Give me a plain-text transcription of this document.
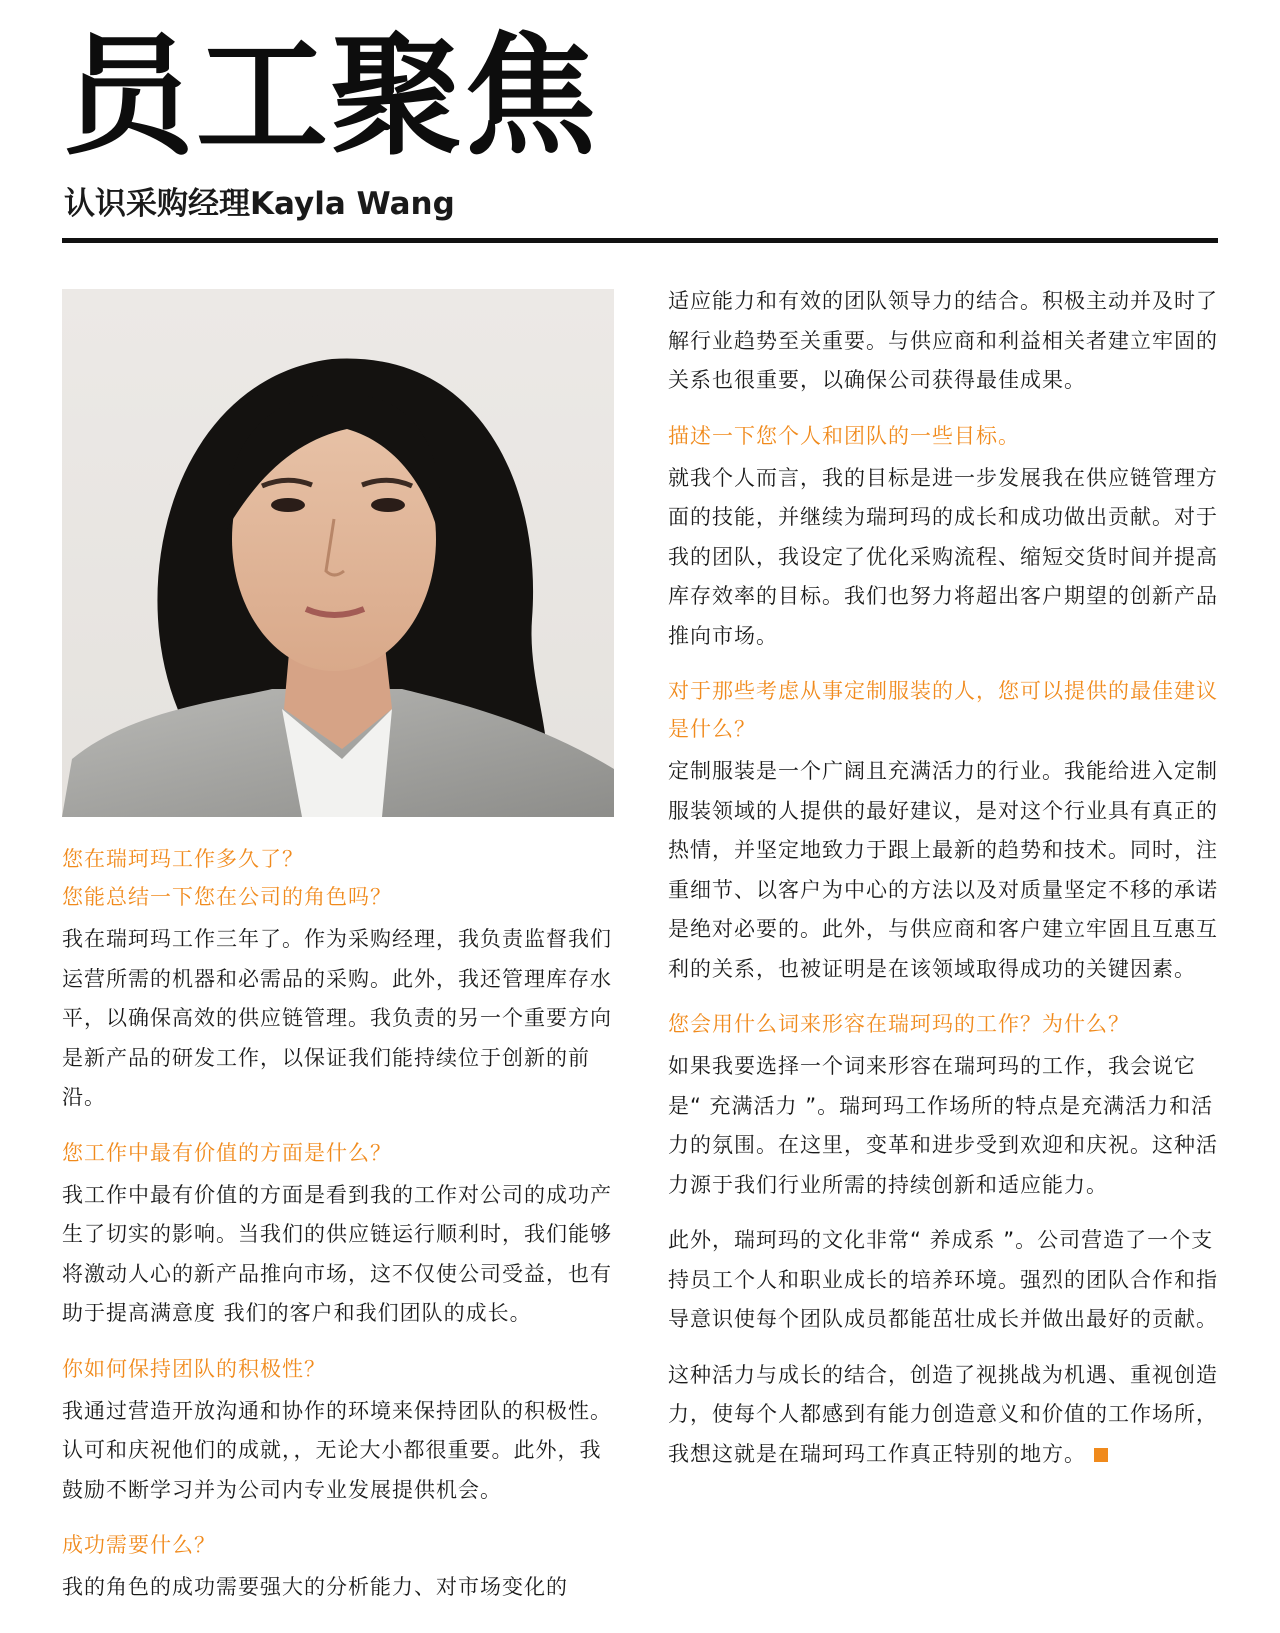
员工聚焦
认识采购经理Kayla Wang

您在瑞珂玛工作多久了？
您能总结一下您在公司的角色吗？

我在瑞珂玛工作三年了。作为采购经理，我负责监督我们运营所需的机器和必需品的采购。此外，我还管理库存水平，以确保高效的供应链管理。我负责的另一个重要方向是新产品的研发工作，以保证我们能持续位于创新的前沿。

您工作中最有价值的方面是什么？

我工作中最有价值的方面是看到我的工作对公司的成功产生了切实的影响。当我们的供应链运行顺利时，我们能够将激动人心的新产品推向市场，这不仅使公司受益，也有助于提高满意度 我们的客户和我们团队的成长。

你如何保持团队的积极性？

我通过营造开放沟通和协作的环境来保持团队的积极性。认可和庆祝他们的成就，，无论大小都很重要。此外，我鼓励不断学习并为公司内专业发展提供机会。

成功需要什么？

我的角色的成功需要强大的分析能力、对市场变化的

适应能力和有效的团队领导力的结合。积极主动并及时了解行业趋势至关重要。与供应商和利益相关者建立牢固的关系也很重要，以确保公司获得最佳成果。

描述一下您个人和团队的一些目标。

就我个人而言，我的目标是进一步发展我在供应链管理方面的技能，并继续为瑞珂玛的成长和成功做出贡献。对于我的团队，我设定了优化采购流程、缩短交货时间并提高库存效率的目标。我们也努力将超出客户期望的创新产品推向市场。

对于那些考虑从事定制服装的人，您可以提供的最佳建议是什么？

定制服装是一个广阔且充满活力的行业。我能给进入定制服装领域的人提供的最好建议，是对这个行业具有真正的热情，并坚定地致力于跟上最新的趋势和技术。同时，注重细节、以客户为中心的方法以及对质量坚定不移的承诺是绝对必要的。此外，与供应商和客户建立牢固且互惠互利的关系，也被证明是在该领域取得成功的关键因素。

您会用什么词来形容在瑞珂玛的工作？为什么？

如果我要选择一个词来形容在瑞珂玛的工作，我会说它是“ 充满活力 ”。瑞珂玛工作场所的特点是充满活力和活力的氛围。在这里，变革和进步受到欢迎和庆祝。这种活力源于我们行业所需的持续创新和适应能力。

此外，瑞珂玛的文化非常“ 养成系 ”。公司营造了一个支持员工个人和职业成长的培养环境。强烈的团队合作和指导意识使每个团队成员都能茁壮成长并做出最好的贡献。

这种活力与成长的结合，创造了视挑战为机遇、重视创造力，使每个人都感到有能力创造意义和价值的工作场所，我想这就是在瑞珂玛工作真正特别的地方。
